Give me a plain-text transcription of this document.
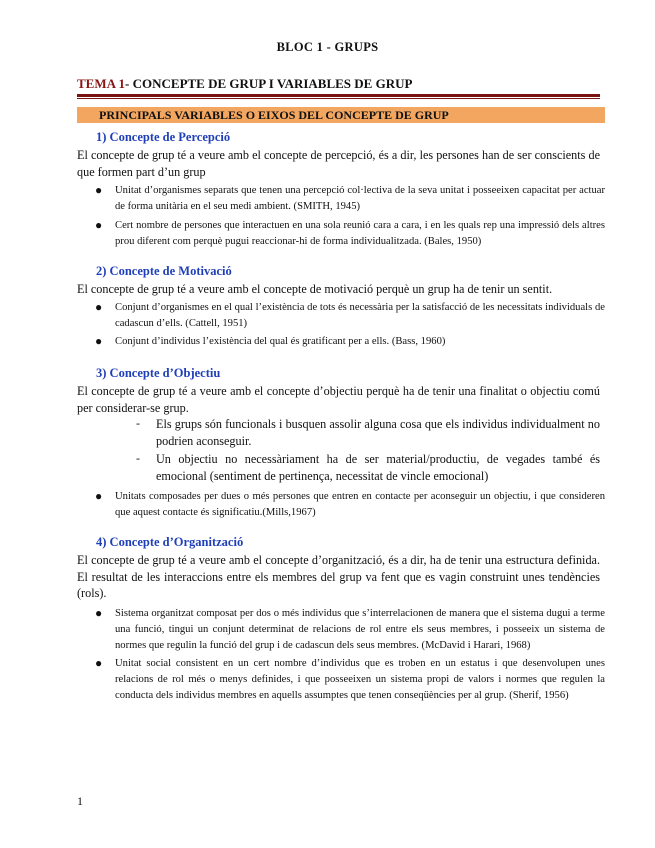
BLOC 1 - GRUPS
TEMA 1- CONCEPTE DE GRUP I VARIABLES DE GRUP
PRINCIPALS VARIABLES O EIXOS DEL CONCEPTE DE GRUP
1) Concepte de Percepció
El concepte de grup té a veure amb el concepte de percepció, és a dir, les persones han de ser conscients de que formen part d’un grup
● Unitat d’organismes separats que tenen una percepció col·lectiva de la seva unitat i posseeixen capacitat per actuar de forma unitària en el seu medi ambient. (SMITH, 1945)
● Cert nombre de persones que interactuen en una sola reunió cara a cara, i en les quals rep una impressió dels altres prou diferent com perquè pugui reaccionar-hi de forma individualitzada. (Bales, 1950)
2) Concepte de Motivació
El concepte de grup té a veure amb el concepte de motivació perquè un grup ha de tenir un sentit.
● Conjunt d’organismes en el qual l’existència de tots és necessària per la satisfacció de les necessitats individuals de cadascun d’ells. (Cattell, 1951)
● Conjunt d’individus l’existència del qual és gratificant per a ells. (Bass, 1960)
3) Concepte d’Objectiu
El concepte de grup té a veure amb el concepte d’objectiu perquè ha de tenir una finalitat o objectiu comú per considerar-se grup.
- Els grups són funcionals i busquen assolir alguna cosa que els individus individualment no podrien aconseguir.
- Un objectiu no necessàriament ha de ser material/productiu, de vegades també és emocional (sentiment de pertinença, necessitat de vincle emocional)
● Unitats composades per dues o més persones que entren en contacte per aconseguir un objectiu, i que consideren que aquest contacte és significatiu.(Mills,1967)
4) Concepte d’Organització
El concepte de grup té a veure amb el concepte d’organització, és a dir, ha de tenir una estructura definida. El resultat de les interaccions entre els membres del grup va fent que es vagin construint unes tendències (rols).
● Sistema organitzat composat per dos o més individus que s’interrelacionen de manera que el sistema dugui a terme una funció, tingui un conjunt determinat de relacions de rol entre els seus membres, i posseeix un sistema de normes que regulin la funció del grup i de cadascun dels seus membres. (McDavid i Harari, 1968)
● Unitat social consistent en un cert nombre d’individus que es troben en un estatus i que desenvolupen unes relacions de rol més o menys definides, i que posseeixen un sistema propi de valors i normes que regulen la conducta dels individus membres en aquells assumptes que tenen conseqüències per al grup. (Sherif, 1956)
1
